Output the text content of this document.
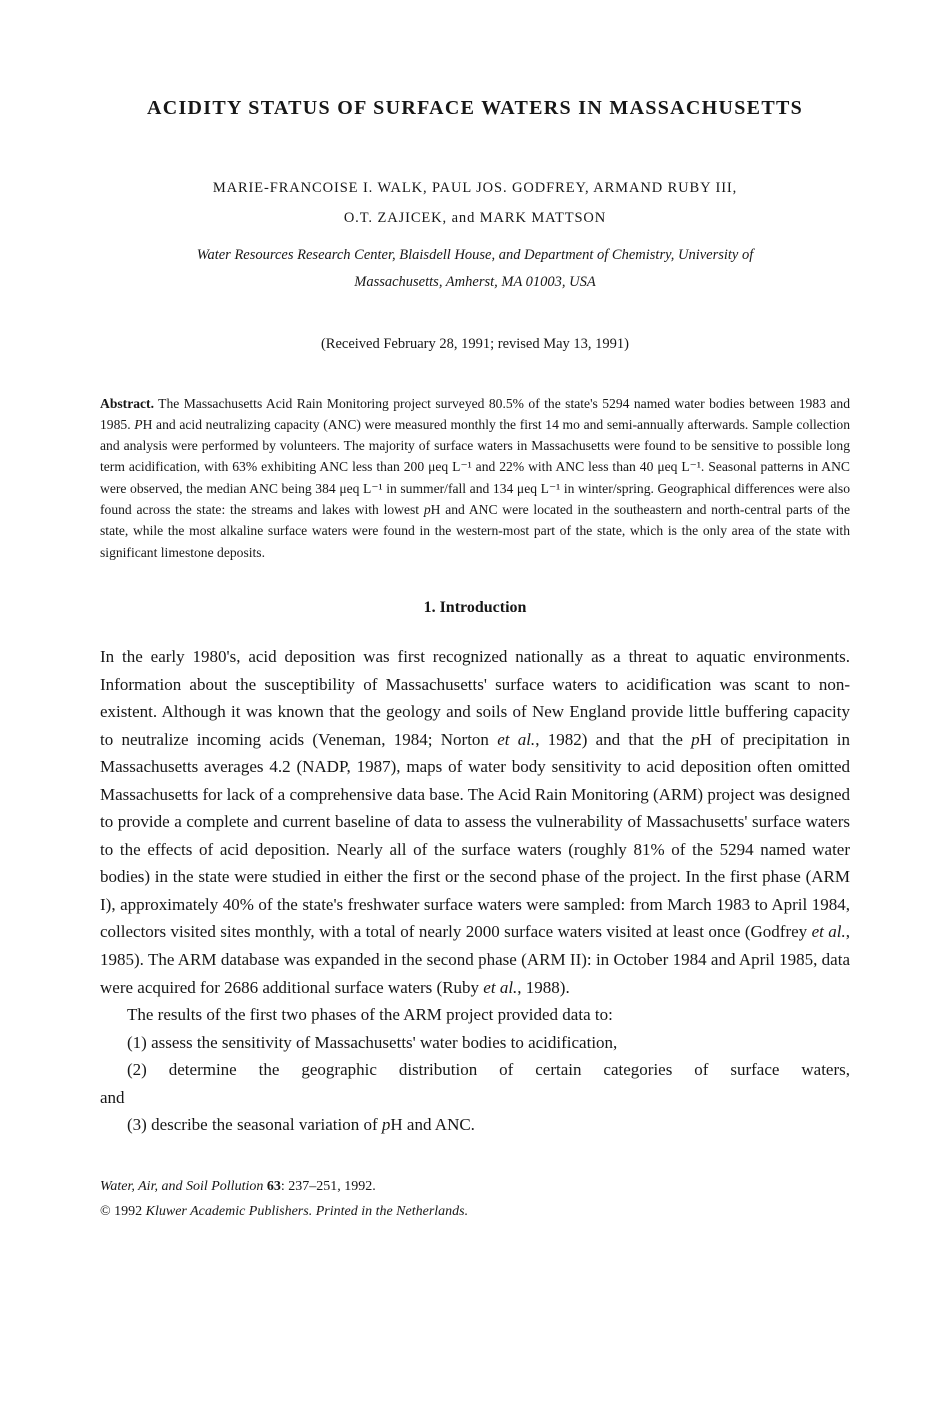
ACIDITY STATUS OF SURFACE WATERS IN MASSACHUSETTS
MARIE-FRANCOISE I. WALK, PAUL JOS. GODFREY, ARMAND RUBY III,
O.T. ZAJICEK, and MARK MATTSON
Water Resources Research Center, Blaisdell House, and Department of Chemistry, University of
Massachusetts, Amherst, MA 01003, USA
(Received February 28, 1991; revised May 13, 1991)

Abstract. The Massachusetts Acid Rain Monitoring project surveyed 80.5% of the state's 5294 named water bodies between 1983 and 1985. PH and acid neutralizing capacity (ANC) were measured monthly the first 14 mo and semi-annually afterwards. Sample collection and analysis were performed by volunteers. The majority of surface waters in Massachusetts were found to be sensitive to possible long term acidification, with 63% exhibiting ANC less than 200 μeq L⁻¹ and 22% with ANC less than 40 μeq L⁻¹. Seasonal patterns in ANC were observed, the median ANC being 384 μeq L⁻¹ in summer/fall and 134 μeq L⁻¹ in winter/spring. Geographical differences were also found across the state: the streams and lakes with lowest pH and ANC were located in the southeastern and north-central parts of the state, while the most alkaline surface waters were found in the western-most part of the state, which is the only area of the state with significant limestone deposits.

1. Introduction

In the early 1980's, acid deposition was first recognized nationally as a threat to aquatic environments. Information about the susceptibility of Massachusetts' surface waters to acidification was scant to non-existent. Although it was known that the geology and soils of New England provide little buffering capacity to neutralize incoming acids (Veneman, 1984; Norton et al., 1982) and that the pH of precipitation in Massachusetts averages 4.2 (NADP, 1987), maps of water body sensitivity to acid deposition often omitted Massachusetts for lack of a comprehensive data base. The Acid Rain Monitoring (ARM) project was designed to provide a complete and current baseline of data to assess the vulnerability of Massachusetts' surface waters to the effects of acid deposition. Nearly all of the surface waters (roughly 81% of the 5294 named water bodies) in the state were studied in either the first or the second phase of the project. In the first phase (ARM I), approximately 40% of the state's freshwater surface waters were sampled: from March 1983 to April 1984, collectors visited sites monthly, with a total of nearly 2000 surface waters visited at least once (Godfrey et al., 1985). The ARM database was expanded in the second phase (ARM II): in October 1984 and April 1985, data were acquired for 2686 additional surface waters (Ruby et al., 1988).

The results of the first two phases of the ARM project provided data to:

(1) assess the sensitivity of Massachusetts' water bodies to acidification,

(2) determine the geographic distribution of certain categories of surface waters,

and

(3) describe the seasonal variation of pH and ANC.

Water, Air, and Soil Pollution 63: 237–251, 1992.
© 1992 Kluwer Academic Publishers. Printed in the Netherlands.
